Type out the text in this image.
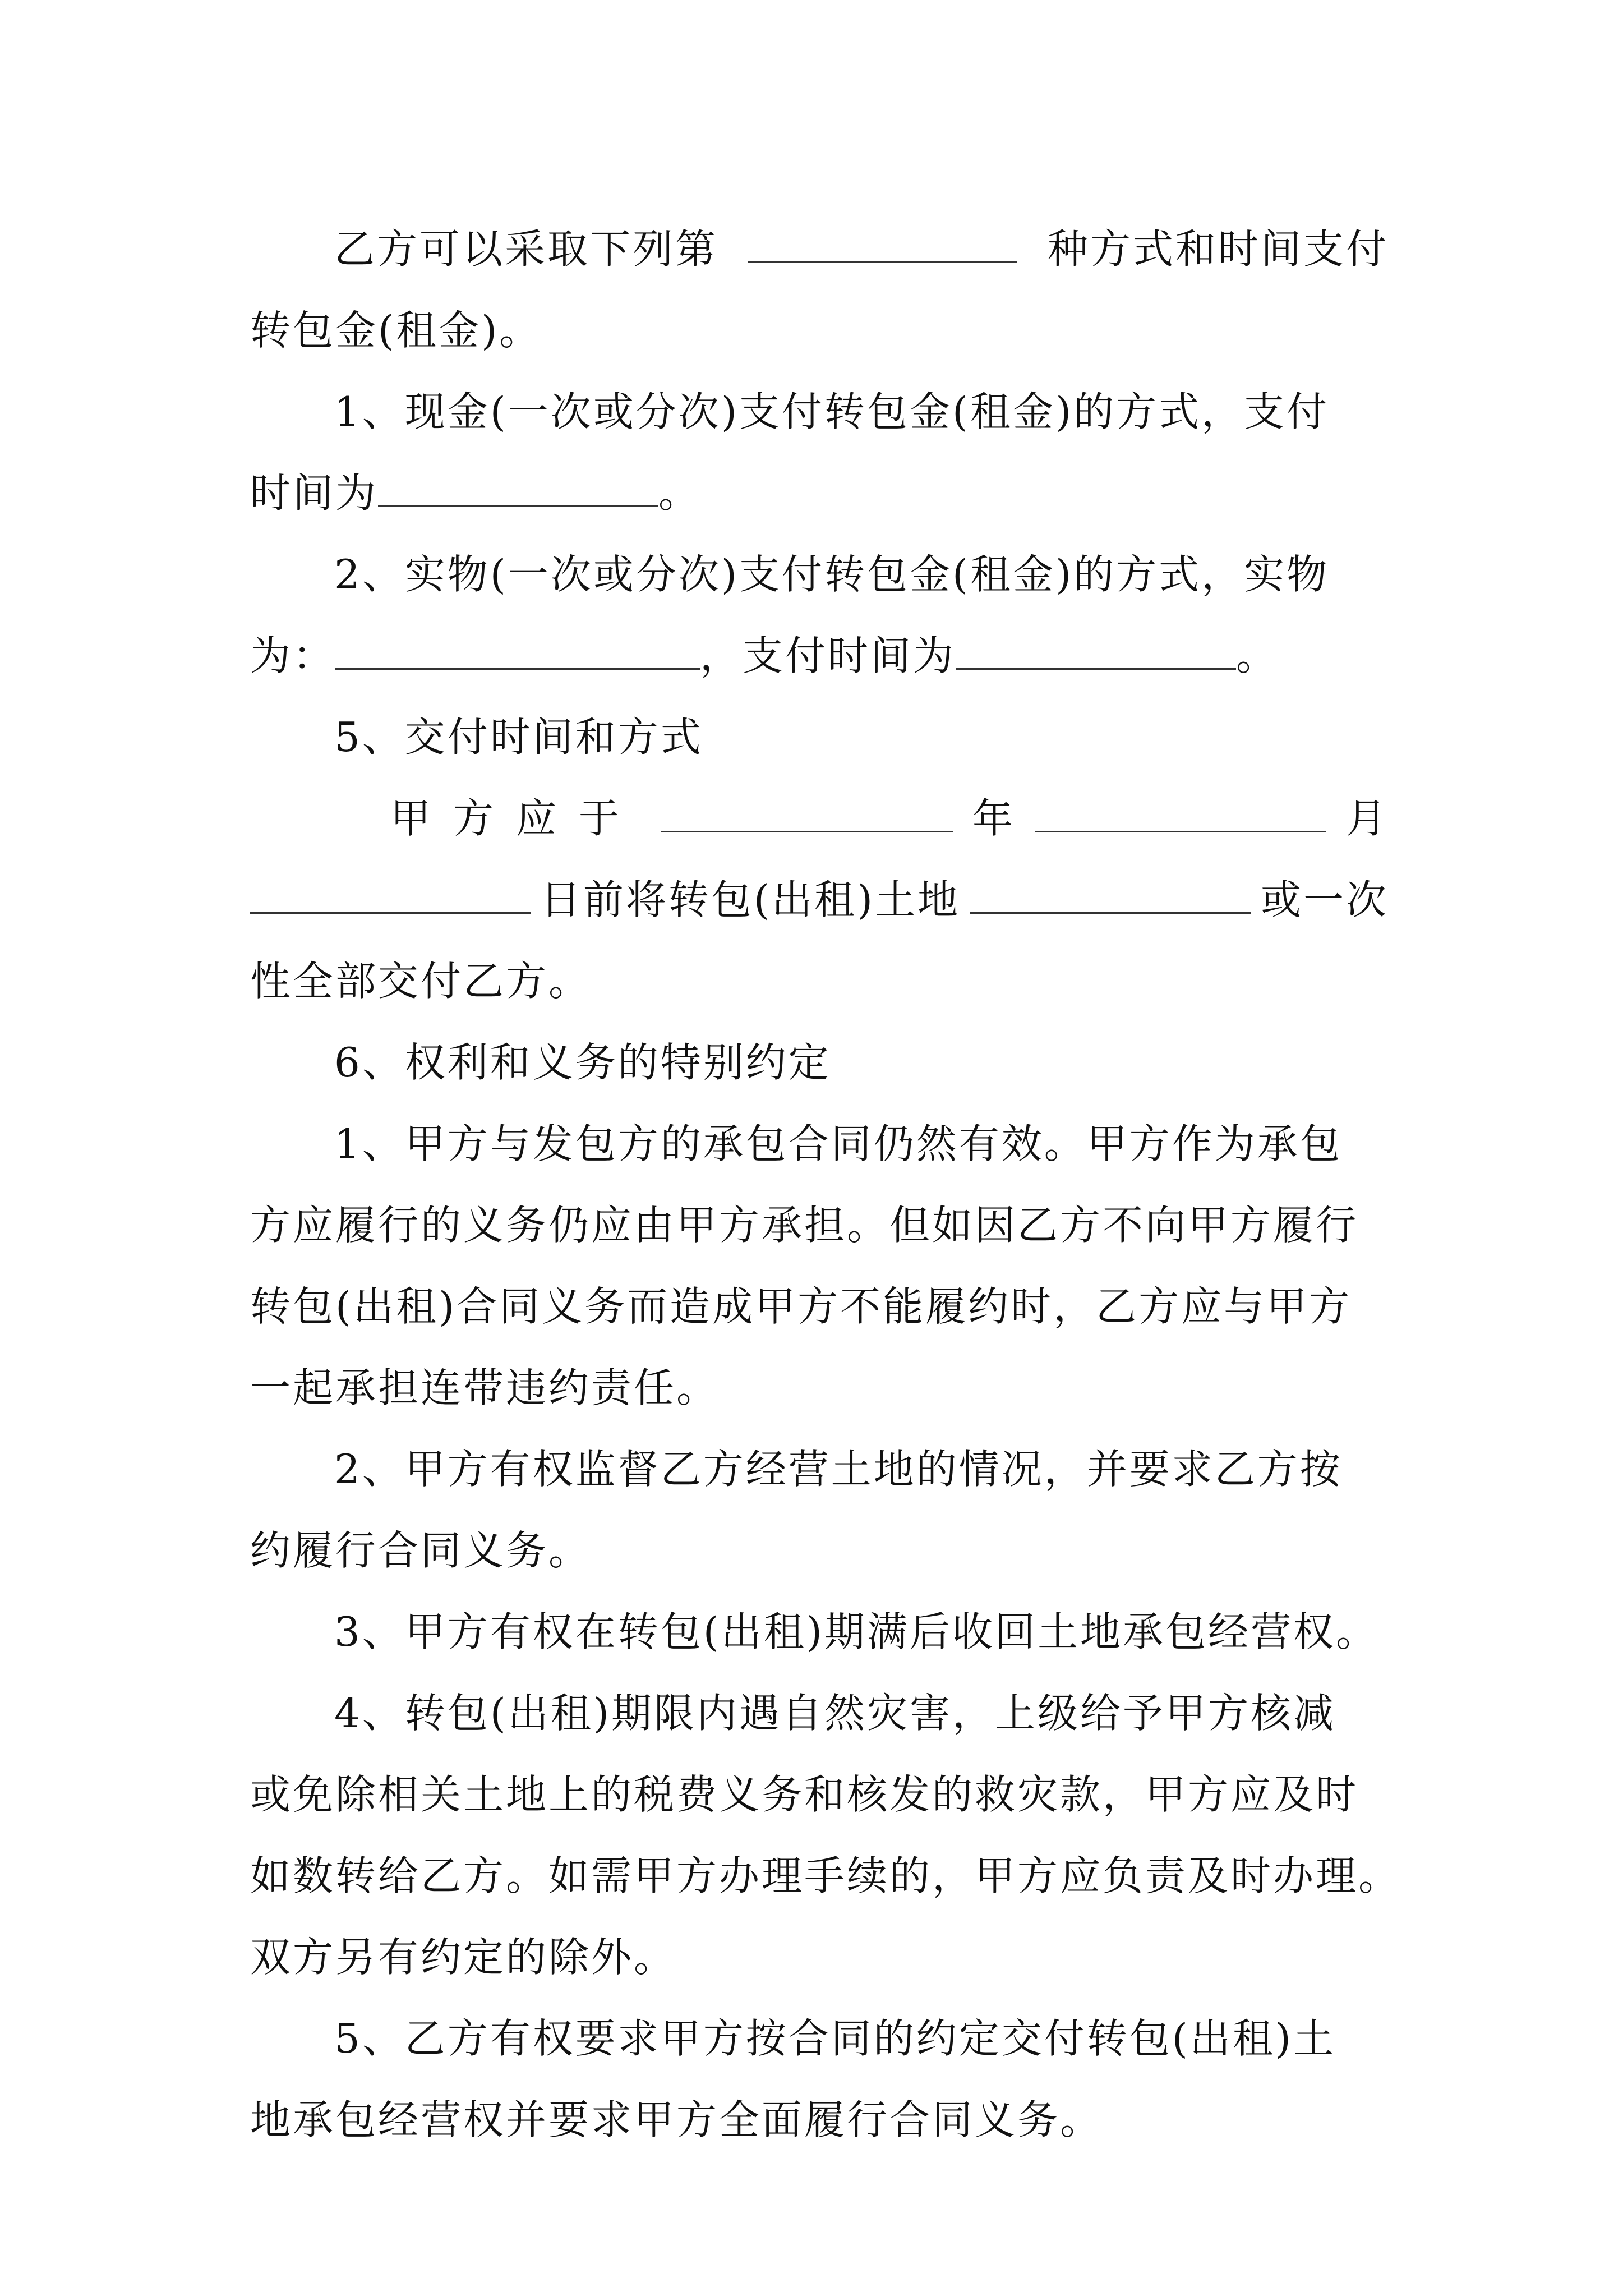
乙方可以采取下列第	种方式和时间支付
转包金(租金)。
1、现金(一次或分次)支付转包金(租金)的方式，支付
时间为	。
2、实物(一次或分次)支付转包金(租金)的方式，实物
为：	，支付时间为	。
5、交付时间和方式
甲方应于	年	月
日前将转包(出租)土地	或一次
性全部交付乙方。
6、权利和义务的特别约定
1、甲方与发包方的承包合同仍然有效。甲方作为承包
方应履行的义务仍应由甲方承担。但如因乙方不向甲方履行
转包(出租)合同义务而造成甲方不能履约时，乙方应与甲方
一起承担连带违约责任。
2、甲方有权监督乙方经营土地的情况，并要求乙方按
约履行合同义务。
3、甲方有权在转包(出租)期满后收回土地承包经营权。
4、转包(出租)期限内遇自然灾害，上级给予甲方核减
或免除相关土地上的税费义务和核发的救灾款，甲方应及时
如数转给乙方。如需甲方办理手续的，甲方应负责及时办理。
双方另有约定的除外。
5、乙方有权要求甲方按合同的约定交付转包(出租)土
地承包经营权并要求甲方全面履行合同义务。
